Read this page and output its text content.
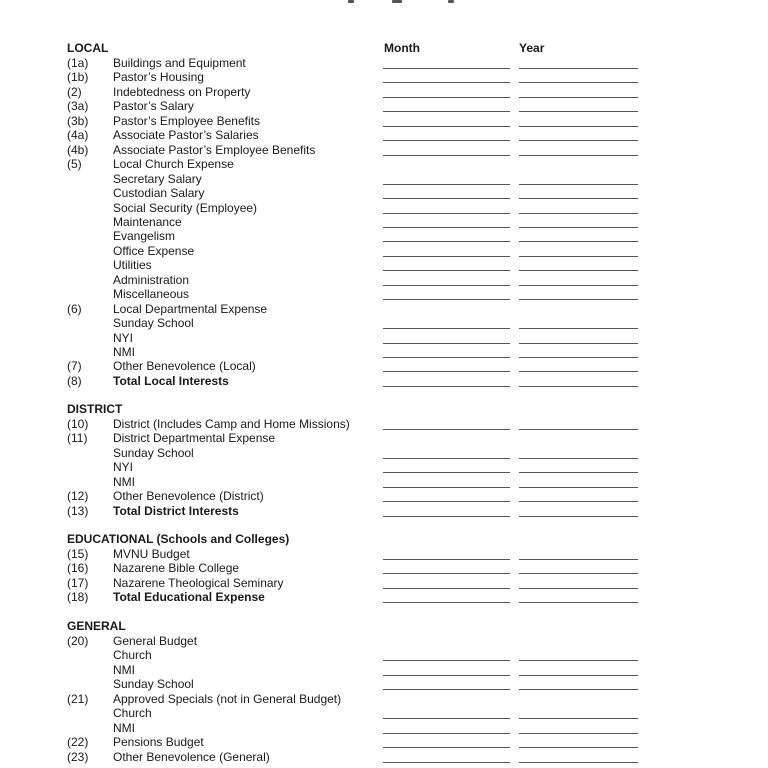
Month	Year
LOCAL
(1a) Buildings and Equipment
(1b) Pastor’s Housing
(2)	Indebtedness on Property
(3a) Pastor’s Salary
(3b) Pastor’s Employee Benefits
(4a) Associate Pastor’s Salaries
(4b) Associate Pastor’s Employee Benefits
(5)	Local Church Expense
Secretary Salary
Custodian Salary
Social Security (Employee)
Maintenance
Evangelism
Office Expense
Utilities
Administration
Miscellaneous
(6)	Local Departmental Expense
Sunday School
NYI
NMI
(7)	Other Benevolence (Local)
(8)	Total Local Interests
DISTRICT
(10) District (Includes Camp and Home Missions)
(11) District Departmental Expense
Sunday School
NYI
NMI
(12) Other Benevolence (District)
(13) Total District Interests
EDUCATIONAL (Schools and Colleges)
(15) MVNU Budget
(16) Nazarene Bible College
(17) Nazarene Theological Seminary
(18) Total Educational Expense
GENERAL
(20) General Budget
Church
NMI
Sunday School
(21) Approved Specials (not in General Budget)
Church
NMI
(22) Pensions Budget
(23) Other Benevolence (General)
